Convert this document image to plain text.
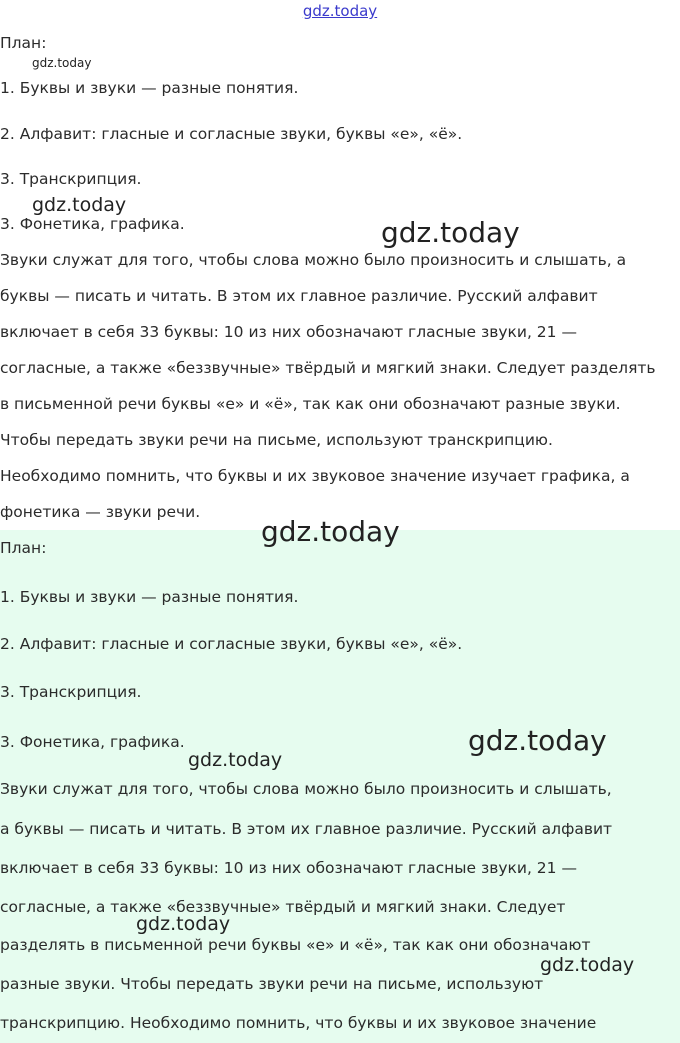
gdz.today
План:
1. Буквы и звуки — разные понятия.
2. Алфавит: гласные и согласные звуки, буквы «е», «ё».
3. Транскрипция.
3. Фонетика, графика.
Звуки служат для того, чтобы слова можно было произносить и слышать, а
буквы — писать и читать. В этом их главное различие. Русский алфавит
включает в себя 33 буквы: 10 из них обозначают гласные звуки, 21 —
согласные, а также «беззвучные» твёрдый и мягкий знаки. Следует разделять
в письменной речи буквы «е» и «ё», так как они обозначают разные звуки.
Чтобы передать звуки речи на письме, используют транскрипцию.
Необходимо помнить, что буквы и их звуковое значение изучает графика, а
фонетика — звуки речи.
План:
1. Буквы и звуки — разные понятия.
2. Алфавит: гласные и согласные звуки, буквы «е», «ё».
3. Транскрипция.
3. Фонетика, графика.
Звуки служат для того, чтобы слова можно было произносить и слышать,
а буквы — писать и читать. В этом их главное различие. Русский алфавит
включает в себя 33 буквы: 10 из них обозначают гласные звуки, 21 —
согласные, а также «беззвучные» твёрдый и мягкий знаки. Следует
разделять в письменной речи буквы «е» и «ё», так как они обозначают
разные звуки. Чтобы передать звуки речи на письме, используют
транскрипцию. Необходимо помнить, что буквы и их звуковое значение
gdz.today
gdz.today
gdz.today
gdz.today
gdz.today
gdz.today
gdz.today
gdz.today
